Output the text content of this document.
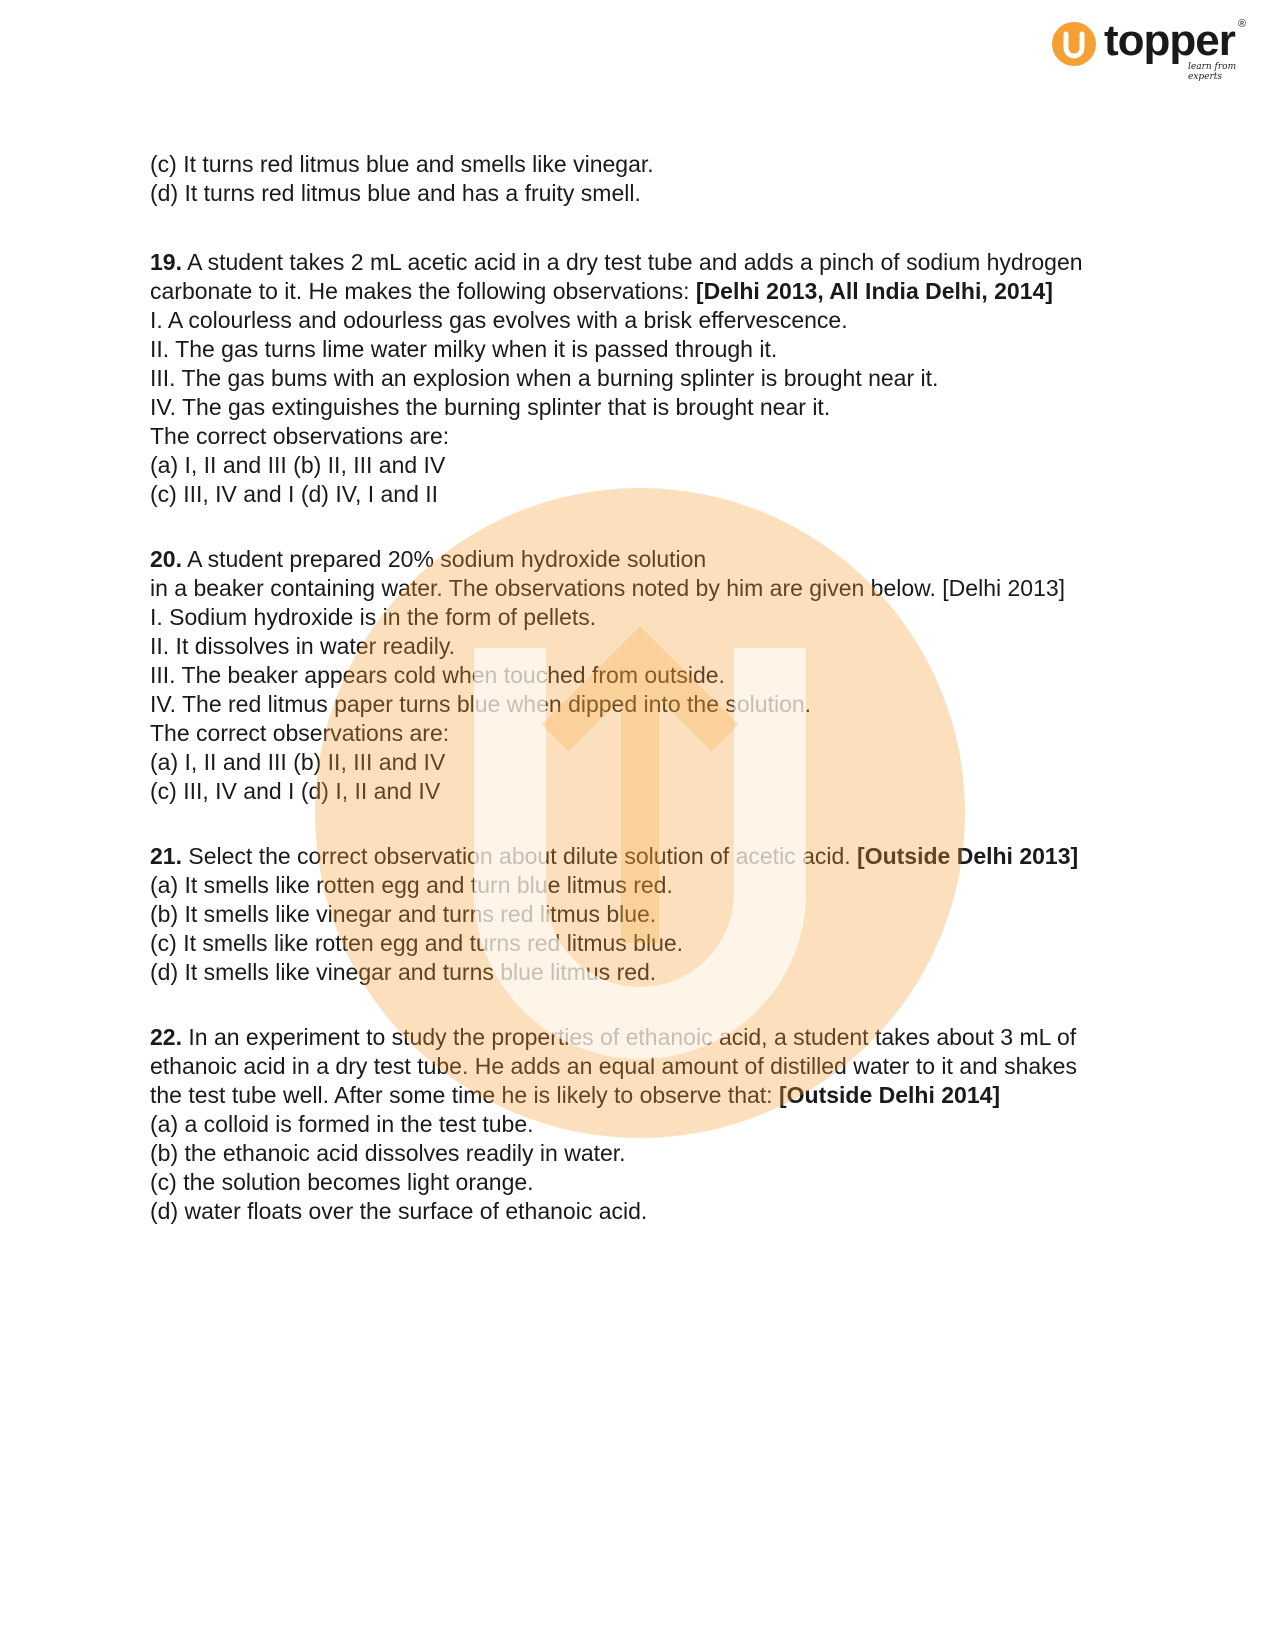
topper ®
learn from experts

(c) It turns red litmus blue and smells like vinegar.

(d) It turns red litmus blue and has a fruity smell.

19. A student takes 2 mL acetic acid in a dry test tube and adds a pinch of sodium hydrogen carbonate to it. He makes the following observations: [Delhi 2013, All India Delhi, 2014]

I. A colourless and odourless gas evolves with a brisk effervescence.

II. The gas turns lime water milky when it is passed through it.

III. The gas bums with an explosion when a burning splinter is brought near it.

IV. The gas extinguishes the burning splinter that is brought near it.

The correct observations are:

(a) I, II and III (b) II, III and IV

(c) III, IV and I (d) IV, I and II

20. A student prepared 20% sodium hydroxide solution

in a beaker containing water. The observations noted by him are given below. [Delhi 2013]

I. Sodium hydroxide is in the form of pellets.

II. It dissolves in water readily.

III. The beaker appears cold when touched from outside.

IV. The red litmus paper turns blue when dipped into the solution.

The correct observations are:

(a) I, II and III (b) II, III and IV

(c) III, IV and I (d) I, II and IV

21. Select the correct observation about dilute solution of acetic acid. [Outside Delhi 2013]

(a) It smells like rotten egg and turn blue litmus red.

(b) It smells like vinegar and turns red litmus blue.

(c) It smells like rotten egg and turns red litmus blue.

(d) It smells like vinegar and turns blue litmus red.

22. In an experiment to study the properties of ethanoic acid, a student takes about 3 mL of ethanoic acid in a dry test tube. He adds an equal amount of distilled water to it and shakes the test tube well. After some time he is likely to observe that: [Outside Delhi 2014]

(a) a colloid is formed in the test tube.

(b) the ethanoic acid dissolves readily in water.

(c) the solution becomes light orange.

(d) water floats over the surface of ethanoic acid.
